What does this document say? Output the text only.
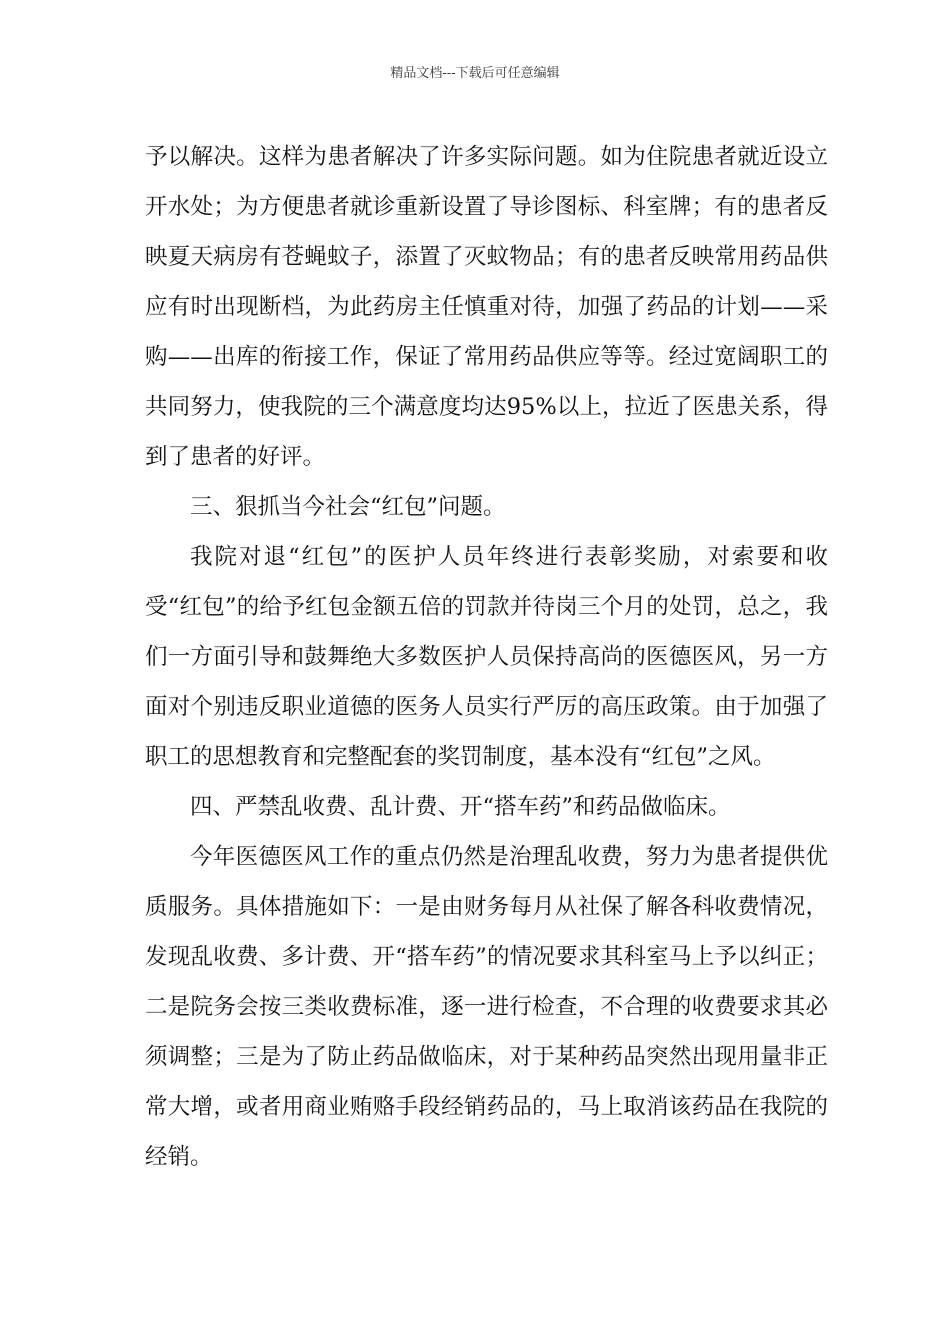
精品文档---下载后可任意编辑

予以解决。这样为患者解决了许多实际问题。如为住院患者就近设立开水处；为方便患者就诊重新设置了导诊图标、科室牌；有的患者反映夏天病房有苍蝇蚊子，添置了灭蚊物品；有的患者反映常用药品供应有时出现断档，为此药房主任慎重对待，加强了药品的计划——采购——出库的衔接工作，保证了常用药品供应等等。经过宽阔职工的共同努力，使我院的三个满意度均达95%以上，拉近了医患关系，得到了患者的好评。

三、狠抓当今社会“红包”问题。

我院对退“红包”的医护人员年终进行表彰奖励，对索要和收受“红包”的给予红包金额五倍的罚款并待岗三个月的处罚，总之，我们一方面引导和鼓舞绝大多数医护人员保持高尚的医德医风，另一方面对个别违反职业道德的医务人员实行严厉的高压政策。由于加强了职工的思想教育和完整配套的奖罚制度，基本没有“红包”之风。

四、严禁乱收费、乱计费、开“搭车药”和药品做临床。

今年医德医风工作的重点仍然是治理乱收费，努力为患者提供优质服务。具体措施如下：一是由财务每月从社保了解各科收费情况，发现乱收费、多计费、开“搭车药”的情况要求其科室马上予以纠正；二是院务会按三类收费标准，逐一进行检查，不合理的收费要求其必须调整；三是为了防止药品做临床，对于某种药品突然出现用量非正常大增，或者用商业贿赂手段经销药品的，马上取消该药品在我院的经销。
